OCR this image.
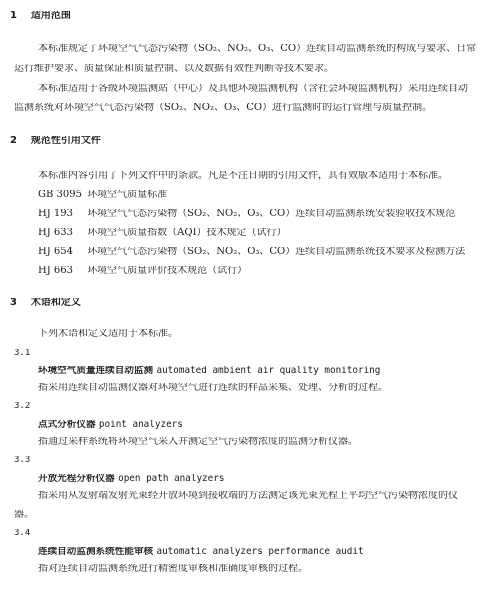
1 适用范围
本标准规定了环境空气气态污染物（SO₂、NO₂、O₃、CO）连续自动监测系统的构成与要求、日常
运行维护要求、质量保证和质量控制、以及数据有效性判断等技术要求。
本标准适用于各级环境监测站（中心）及其他环境监测机构（含社会环境监测机构）采用连续自动
监测系统对环境空气气态污染物（SO₂、NO₂、O₃、CO）进行监测时的运行管理与质量控制。
2 规范性引用文件
本标准内容引用了下列文件中的条款。凡是不注日期的引用文件，其有效版本适用于本标准。
GB 3095 环境空气质量标准
HJ 193 环境空气气态污染物（SO₂、NO₂、O₃、CO）连续自动监测系统安装验收技术规范
HJ 633 环境空气质量指数（AQI）技术规定（试行）
HJ 654 环境空气气态污染物（SO₂、NO₂、O₃、CO）连续自动监测系统技术要求及检测方法
HJ 663 环境空气质量评价技术规范（试行）
3 术语和定义
下列术语和定义适用于本标准。
3.1
环境空气质量连续自动监测 automated ambient air quality monitoring
指采用连续自动监测仪器对环境空气进行连续的样品采集、处理、分析的过程。
3.2
点式分析仪器 point analyzers
指通过采样系统将环境空气采入并测定空气污染物浓度的监测分析仪器。
3.3
开放光程分析仪器 open path analyzers
指采用从发射端发射光束经开放环境到接收端的方法测定该光束光程上平均空气污染物浓度的仪
器。
3.4
连续自动监测系统性能审核 automatic analyzers performance audit
指对连续自动监测系统进行精密度审核和准确度审核的过程。
